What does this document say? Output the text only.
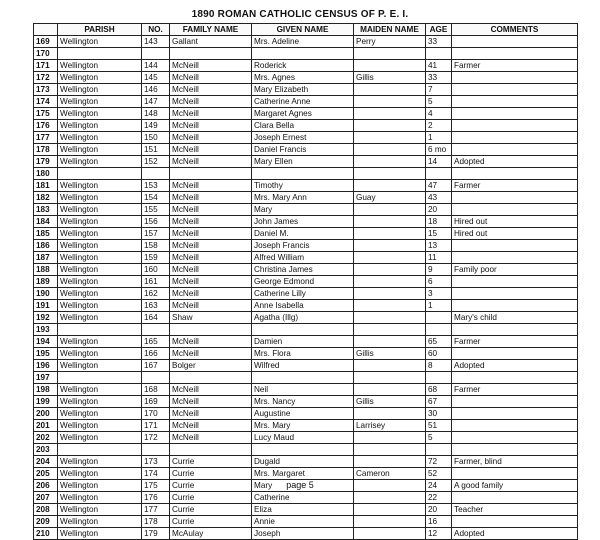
1890 ROMAN CATHOLIC CENSUS OF P. E. I.
	PARISH	NO.	FAMILY NAME	GIVEN NAME	MAIDEN NAME	AGE	COMMENTS
169	Wellington	143	Gallant	Mrs. Adeline	Perry	33	
170							
171	Wellington	144	McNeill	Roderick		41	Farmer
172	Wellington	145	McNeill	Mrs. Agnes	Gillis	33	
173	Wellington	146	McNeill	Mary Elizabeth		7	
174	Wellington	147	McNeill	Catherine Anne		5	
175	Wellington	148	McNeill	Margaret Agnes		4	
176	Wellington	149	McNeill	Clara Bella		2	
177	Wellington	150	McNeill	Joseph Ernest		1	
178	Wellington	151	McNeill	Daniel Francis		6 mo	
179	Wellington	152	McNeill	Mary Ellen		14	Adopted
180							
181	Wellington	153	McNeill	Timothy		47	Farmer
182	Wellington	154	McNeill	Mrs. Mary Ann	Guay	43	
183	Wellington	155	McNeill	Mary		20	
184	Wellington	156	McNeill	John James		18	Hired out
185	Wellington	157	McNeill	Daniel M.		15	Hired out
186	Wellington	158	McNeill	Joseph Francis		13	
187	Wellington	159	McNeill	Alfred William		11	
188	Wellington	160	McNeill	Christina James		9	Family poor
189	Wellington	161	McNeill	George Edmond		6	
190	Wellington	162	McNeill	Catherine Lilly		3	
191	Wellington	163	McNeill	Anne Isabella		1	
192	Wellington	164	Shaw	Agatha (Illg)			Mary's child
193							
194	Wellington	165	McNeill	Damien		65	Farmer
195	Wellington	166	McNeill	Mrs. Flora	Gillis	60	
196	Wellington	167	Bolger	Wilfred		8	Adopted
197							
198	Wellington	168	McNeill	Neil		68	Farmer
199	Wellington	169	McNeill	Mrs. Nancy	Gillis	67	
200	Wellington	170	McNeill	Augustine		30	
201	Wellington	171	McNeill	Mrs. Mary	Larrisey	51	
202	Wellington	172	McNeill	Lucy Maud		5	
203							
204	Wellington	173	Currie	Dugald		72	Farmer, blind
205	Wellington	174	Currie	Mrs. Margaret	Cameron	52	
206	Wellington	175	Currie	Mary		24	A good family
207	Wellington	176	Currie	Catherine		22	
208	Wellington	177	Currie	Eliza		20	Teacher
209	Wellington	178	Currie	Annie		16	
210	Wellington	179	McAulay	Joseph		12	Adopted
page 5
